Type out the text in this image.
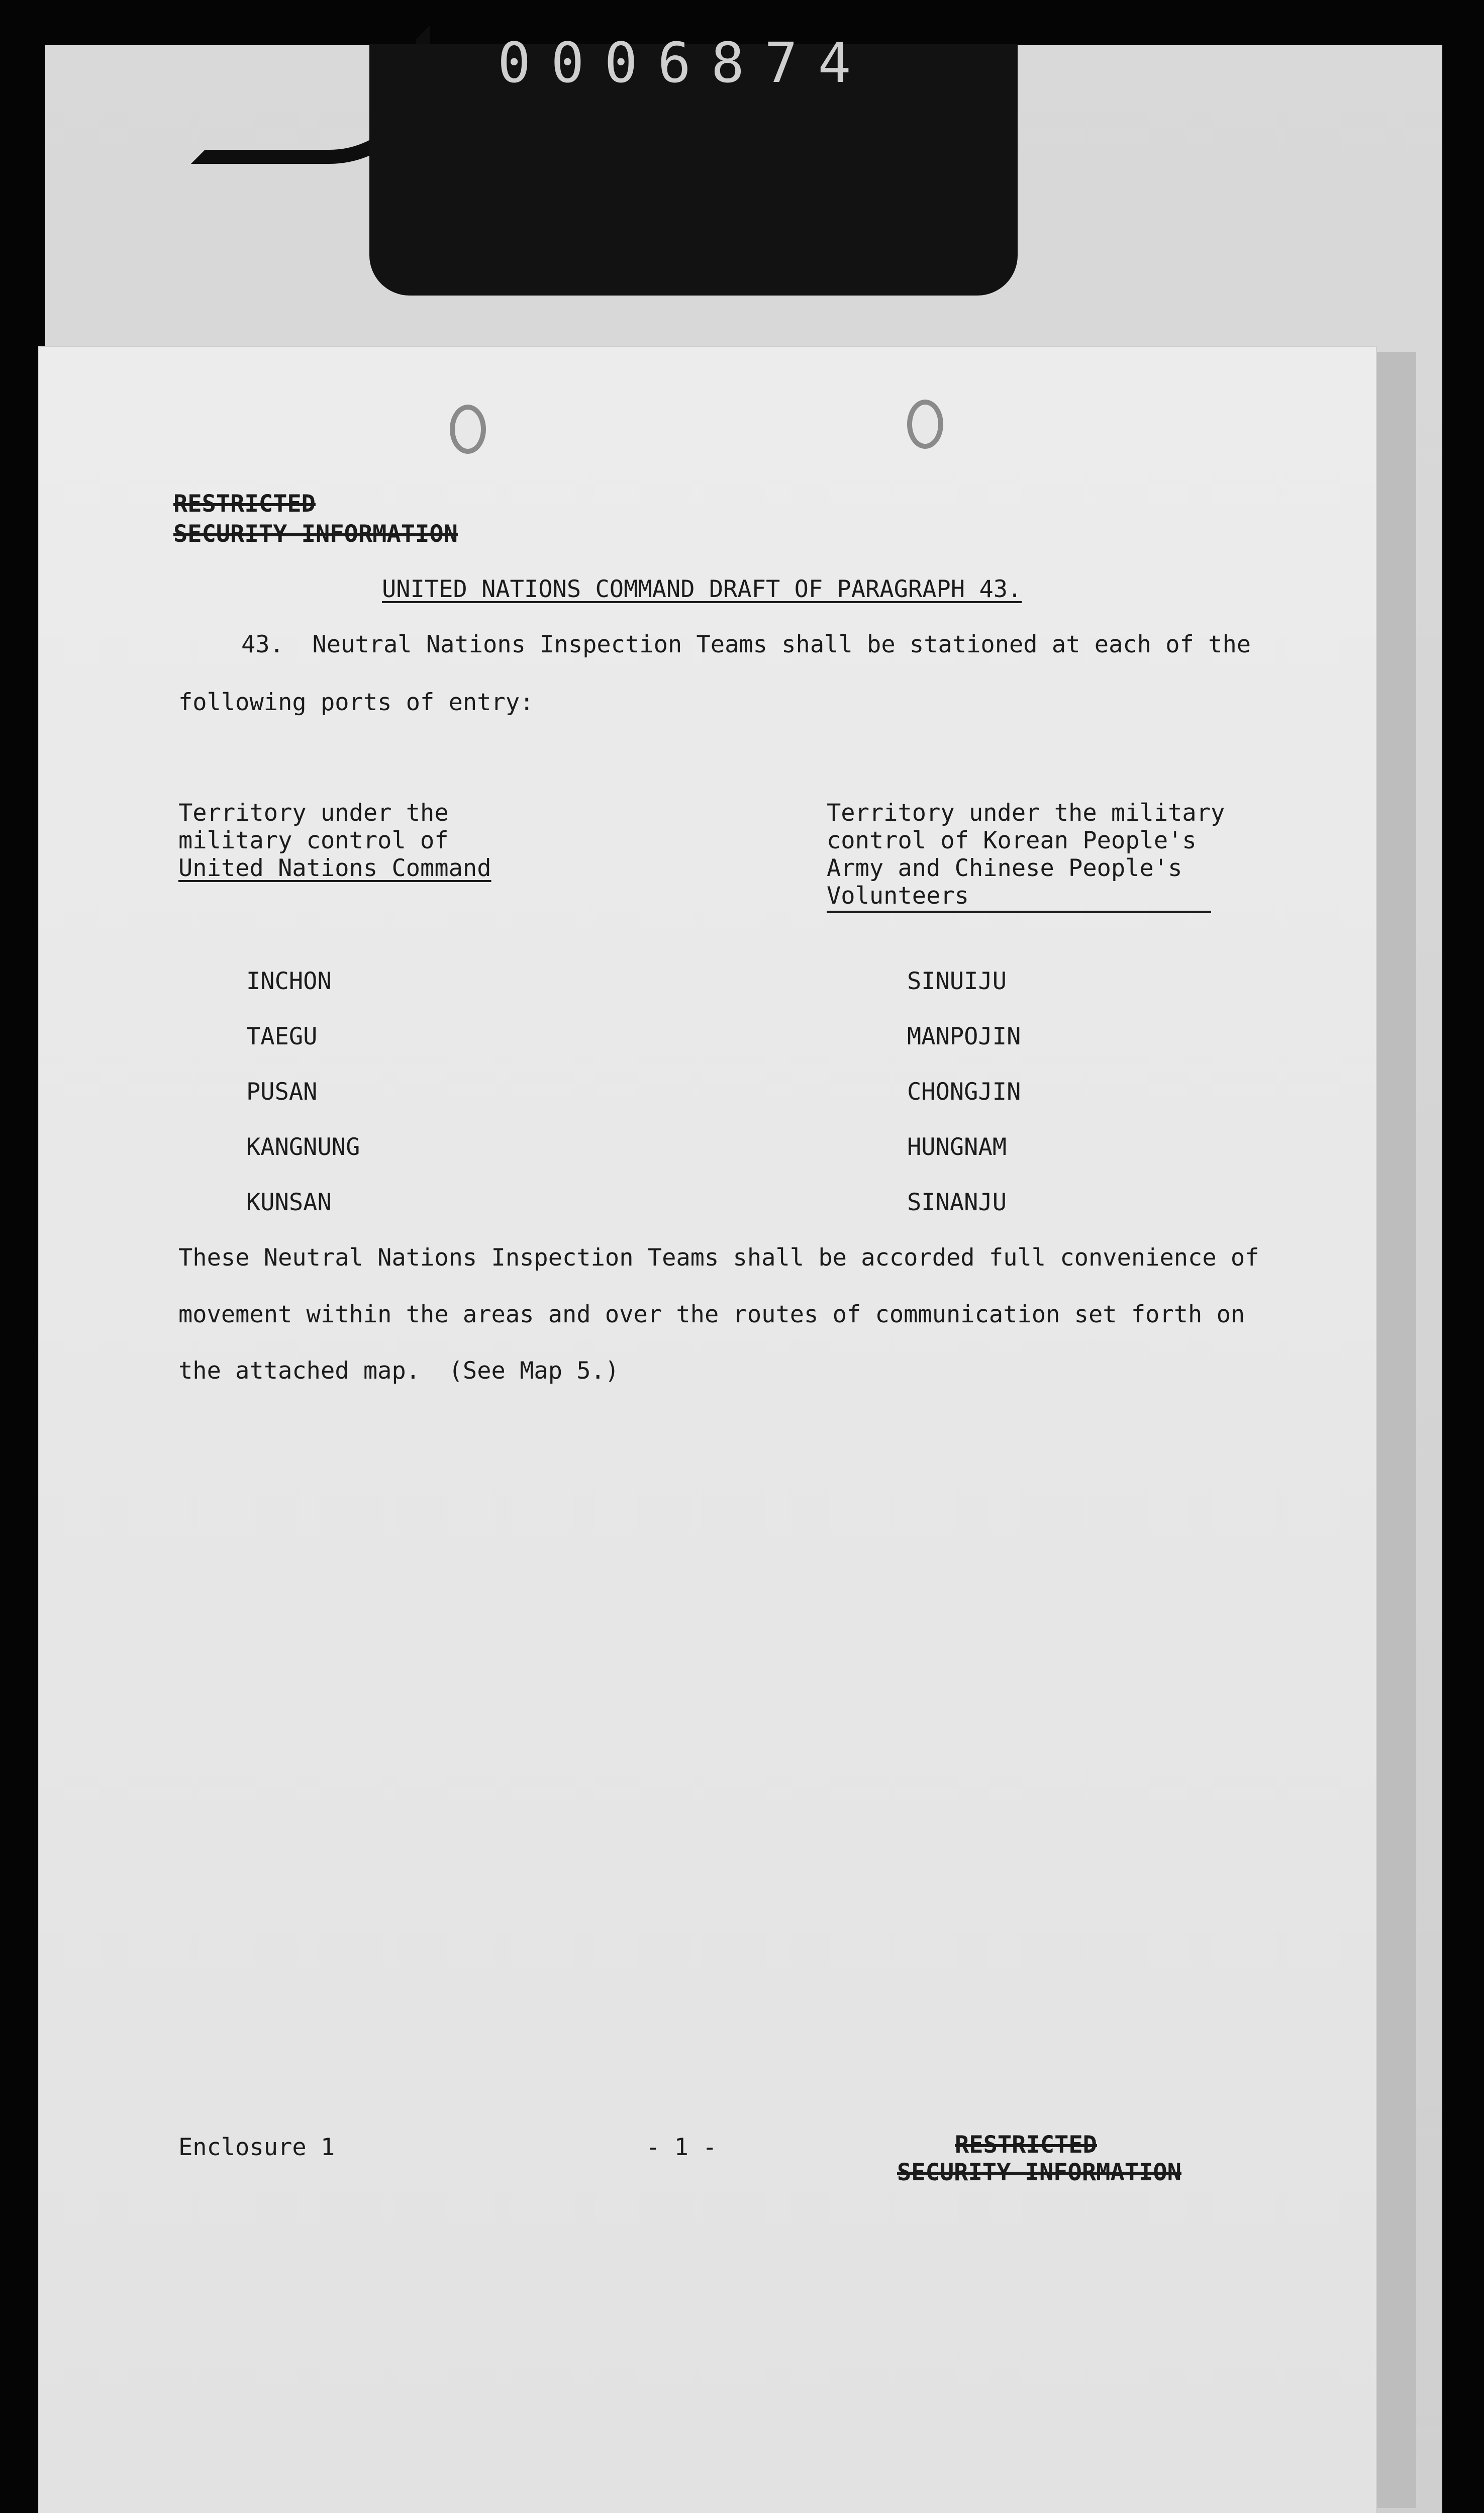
0006874
RESTRICTED
SECURITY INFORMATION
UNITED NATIONS COMMAND DRAFT OF PARAGRAPH 43.
43.  Neutral Nations Inspection Teams shall be stationed at each of the
following ports of entry:
Territory under the
military control of
United Nations Command
Territory under the military
control of Korean People's
Army and Chinese People's
Volunteers
INCHON
TAEGU
PUSAN
KANGNUNG
KUNSAN
SINUIJU
MANPOJIN
CHONGJIN
HUNGNAM
SINANJU
These Neutral Nations Inspection Teams shall be accorded full convenience of
movement within the areas and over the routes of communication set forth on
the attached map.  (See Map 5.)
Enclosure 1	- 1 -	RESTRICTED
SECURITY INFORMATION
